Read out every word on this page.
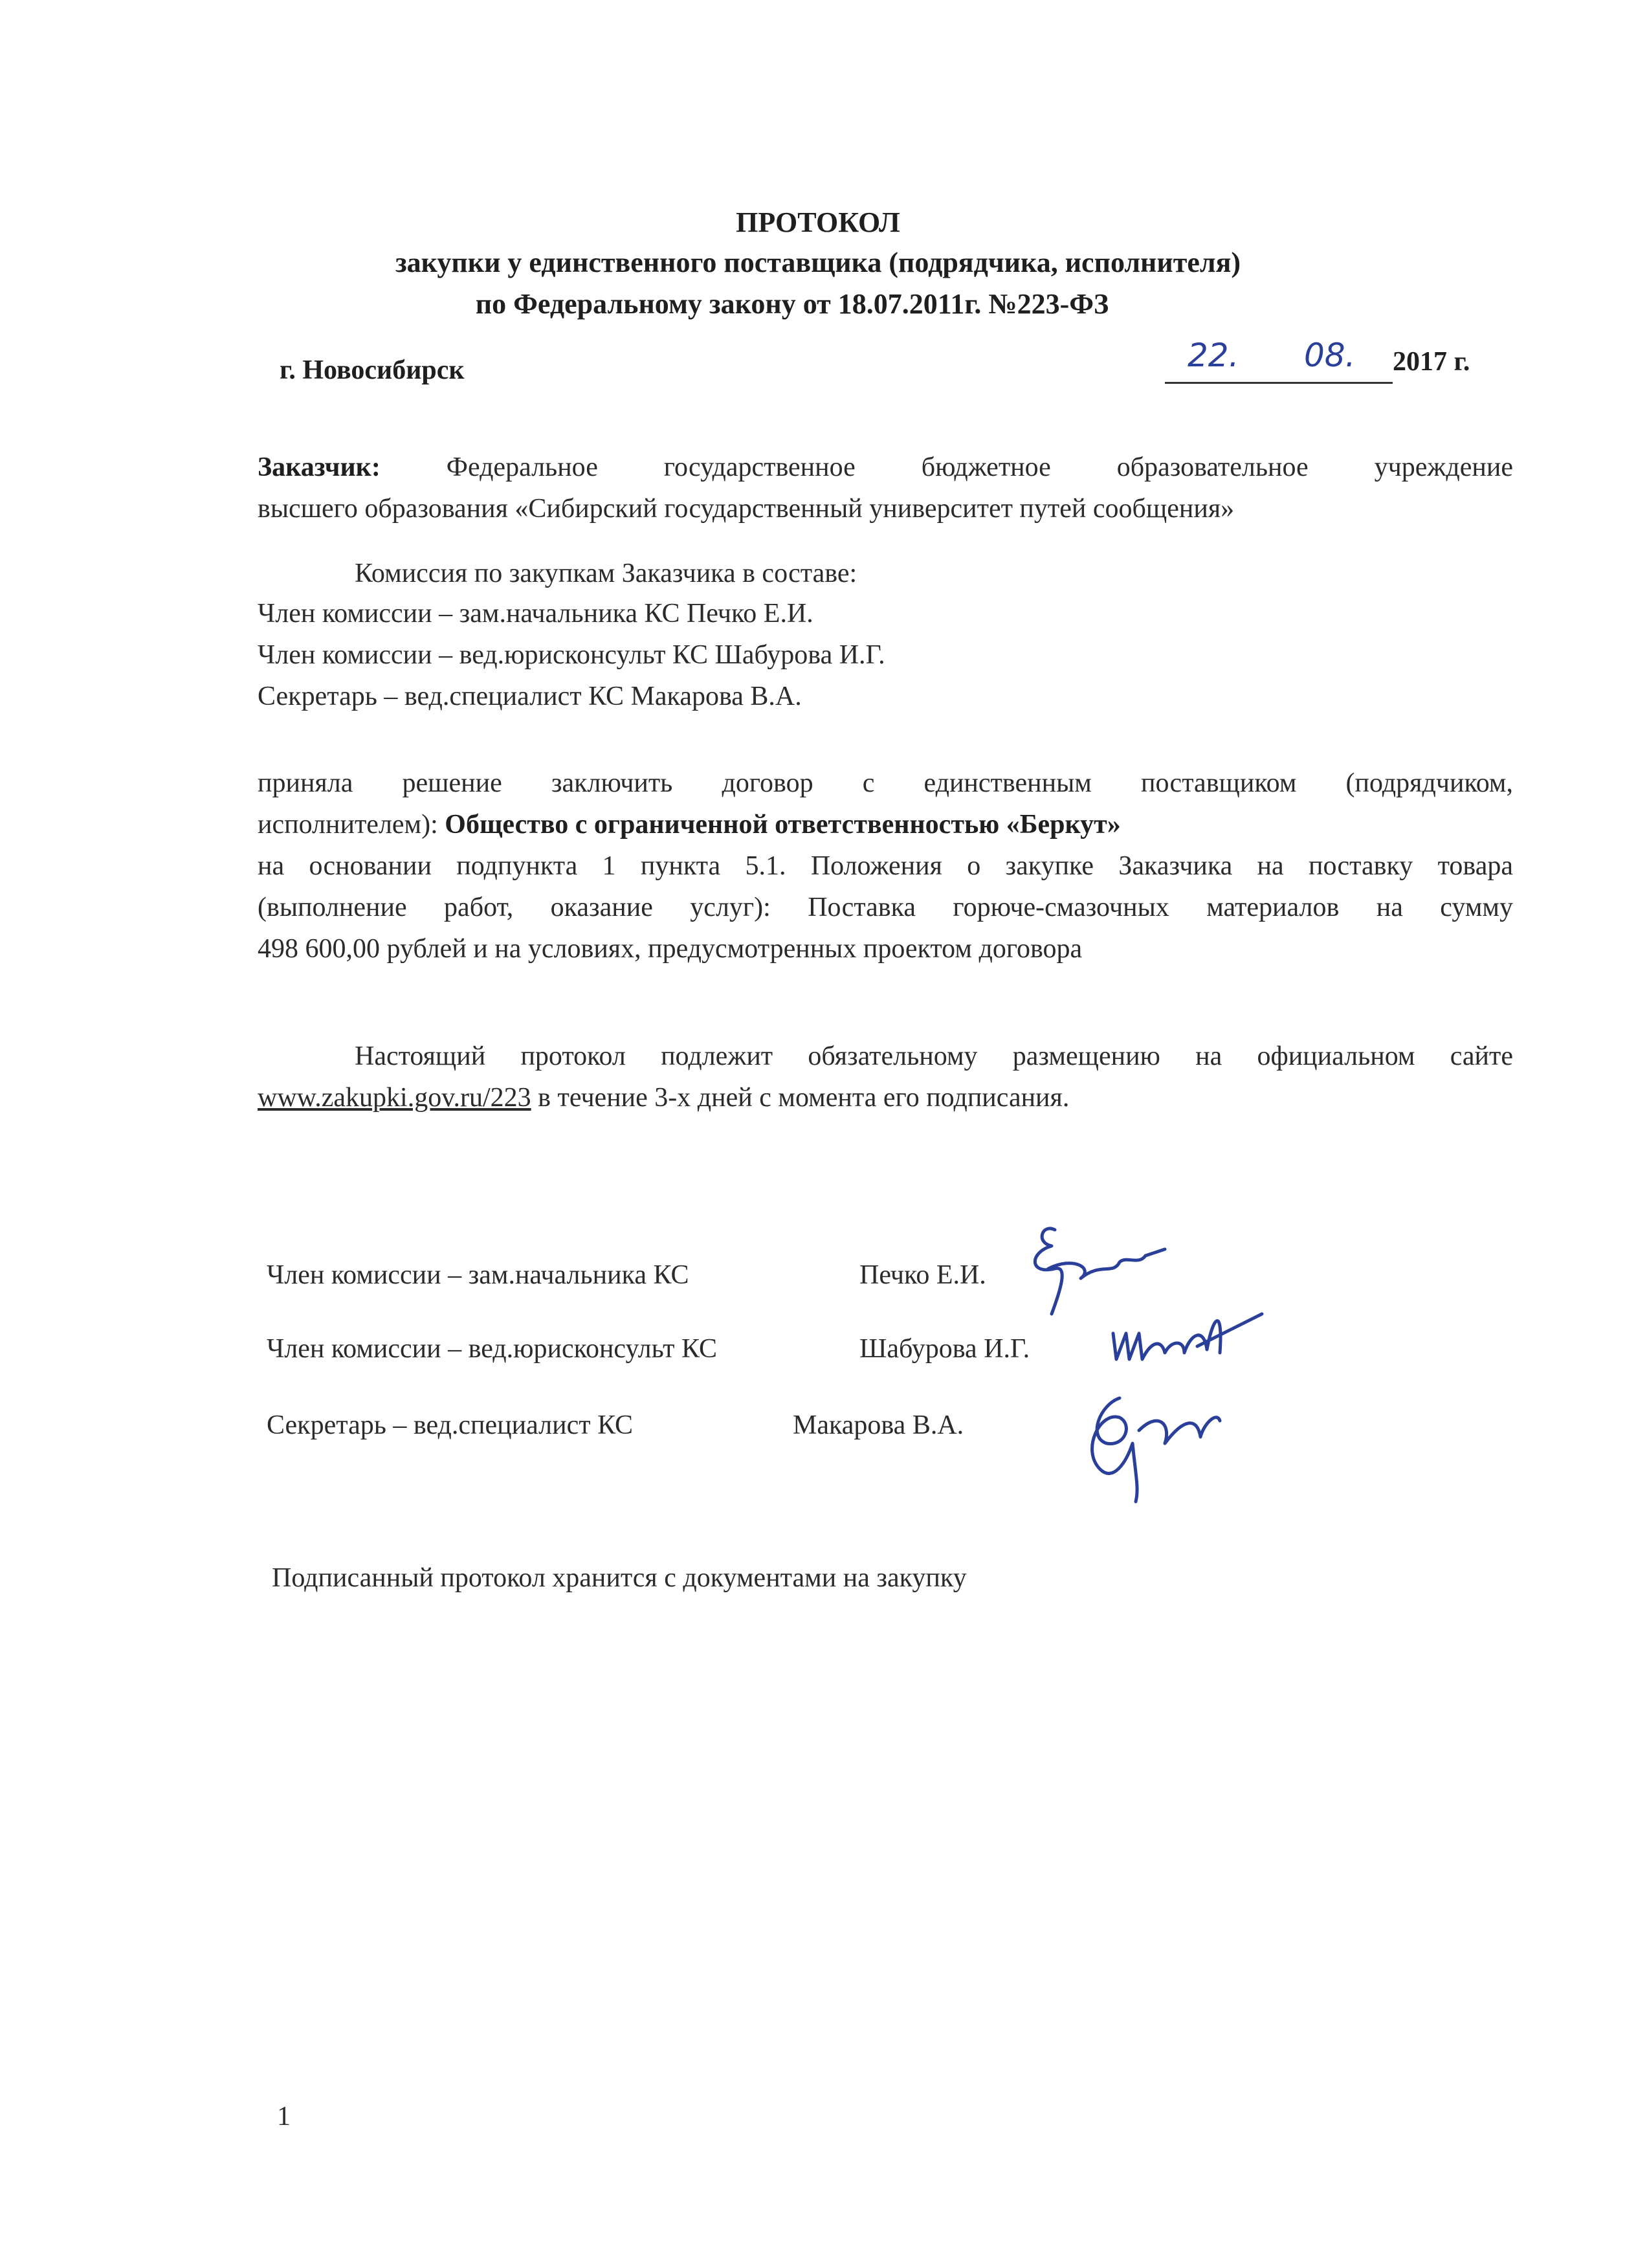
ПРОТОКОЛ
закупки у единственного поставщика (подрядчика, исполнителя)
по Федеральному закону от 18.07.2011г. №223-ФЗ
г. Новосибирск	22. 08. 2017 г.
Заказчик: Федеральное государственное бюджетное образовательное учреждение
высшего образования «Сибирский государственный университет путей сообщения»
Комиссия по закупкам Заказчика в составе:
Член комиссии – зам.начальника КС Печко Е.И.
Член комиссии – вед.юрисконсульт КС Шабурова И.Г.
Секретарь – вед.специалист КС Макарова В.А.
приняла решение заключить договор с единственным поставщиком (подрядчиком,
исполнителем): Общество с ограниченной ответственностью «Беркут»
на основании подпункта 1 пункта 5.1. Положения о закупке Заказчика на поставку товара
(выполнение работ, оказание услуг): Поставка горюче-смазочных материалов на сумму
498 600,00 рублей и на условиях, предусмотренных проектом договора
Настоящий протокол подлежит обязательному размещению на официальном сайте
www.zakupki.gov.ru/223 в течение 3-х дней с момента его подписания.
Член комиссии – зам.начальника КС	Печко Е.И.
Член комиссии – вед.юрисконсульт КС	Шабурова И.Г.
Секретарь – вед.специалист КС	Макарова В.А.
Подписанный протокол хранится с документами на закупку
1
